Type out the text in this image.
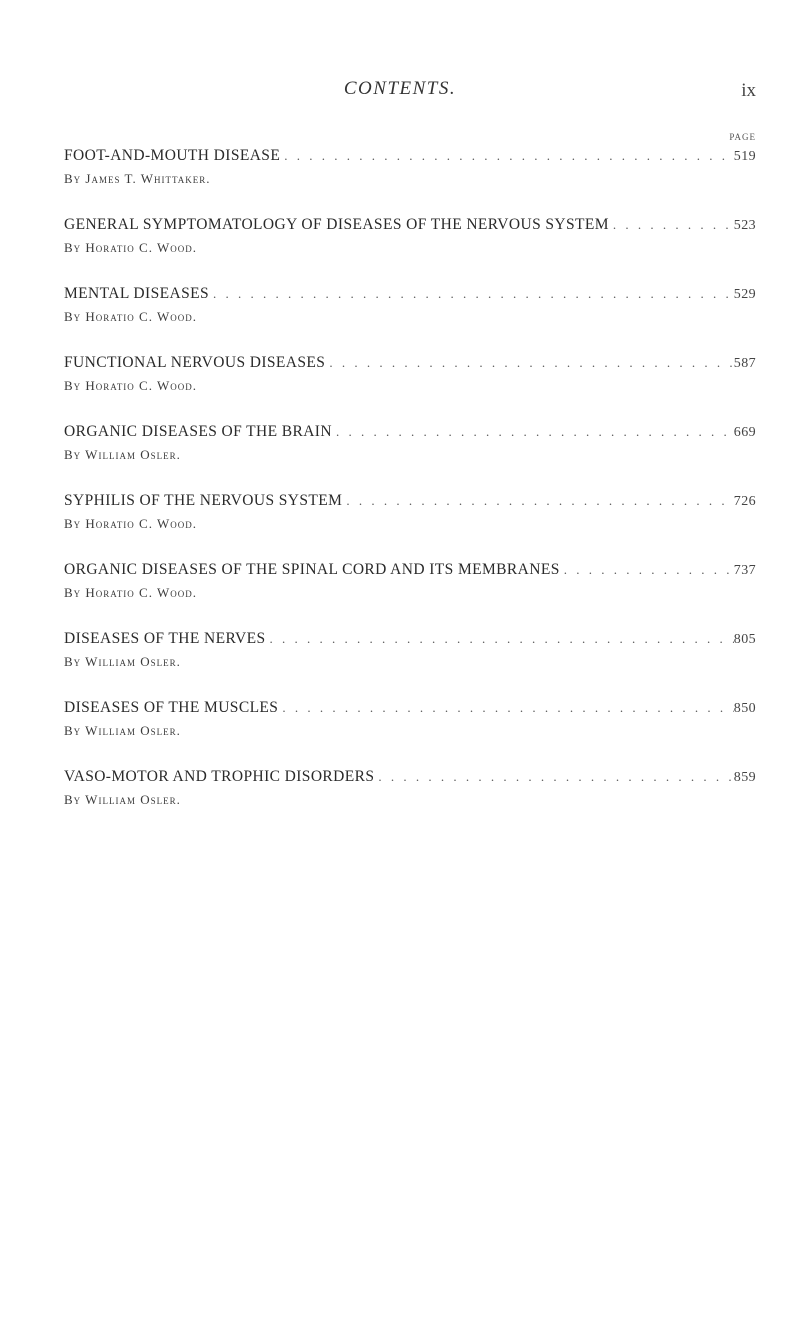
CONTENTS.	ix
PAGE
FOOT-AND-MOUTH DISEASE . . .	519
By James T. Whittaker.
GENERAL SYMPTOMATOLOGY OF DISEASES OF THE NERVOUS SYSTEM . . .	523
By Horatio C. Wood.
MENTAL DISEASES . . .	529
By Horatio C. Wood.
FUNCTIONAL NERVOUS DISEASES . . .	587
By Horatio C. Wood.
ORGANIC DISEASES OF THE BRAIN . . .	669
By William Osler.
SYPHILIS OF THE NERVOUS SYSTEM . . .	726
By Horatio C. Wood.
ORGANIC DISEASES OF THE SPINAL CORD AND ITS MEMBRANES . . .	737
By Horatio C. Wood.
DISEASES OF THE NERVES . . .	805
By William Osler.
DISEASES OF THE MUSCLES . . .	850
By William Osler.
VASO-MOTOR AND TROPHIC DISORDERS . . .	859
By William Osler.
